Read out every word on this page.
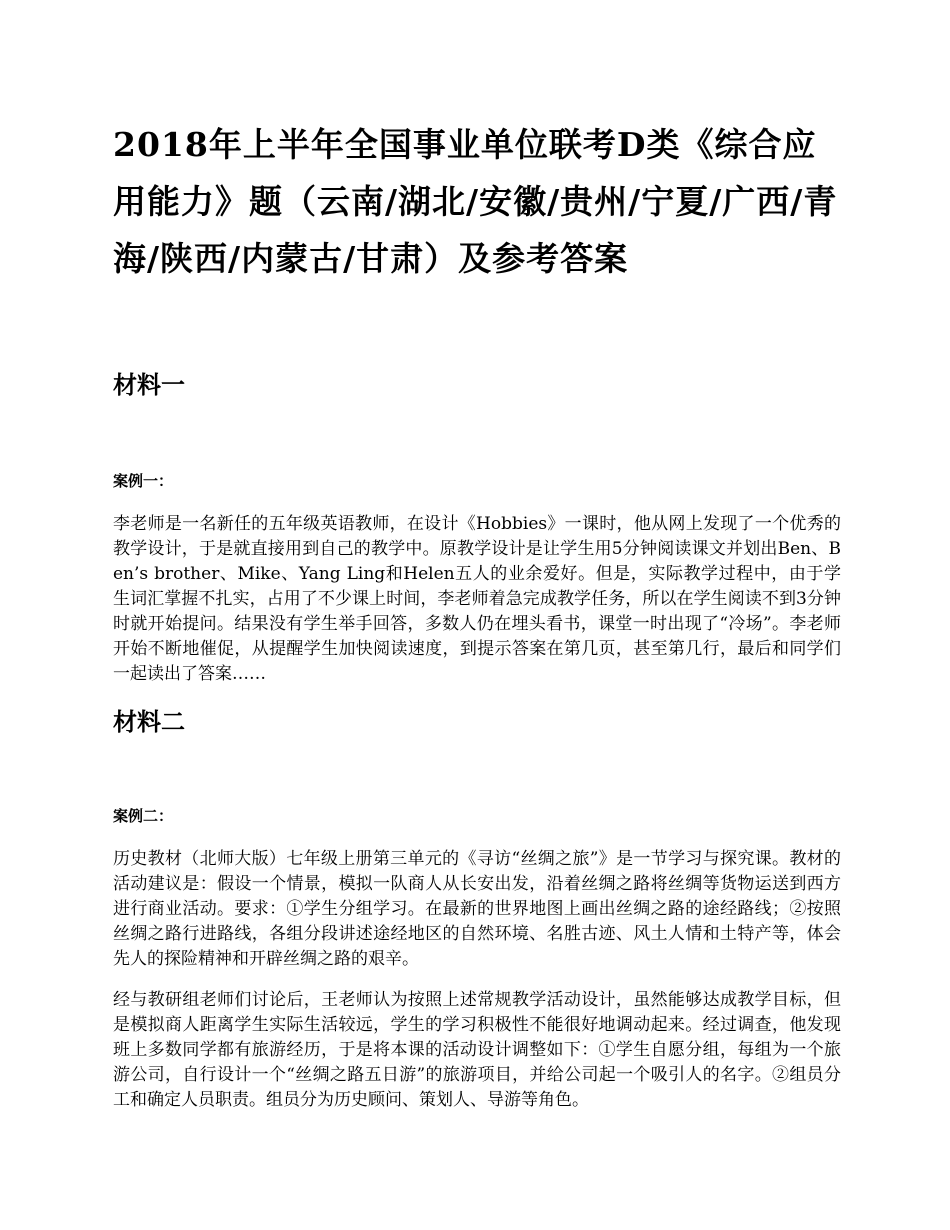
2018年上半年全国事业单位联考D类《综合应用能力》题（云南/湖北/安徽/贵州/宁夏/广西/青海/陕西/内蒙古/甘肃）及参考答案
材料一
案例一：

李老师是一名新任的五年级英语教师，在设计《Hobbies》一课时，他从网上发现了一个优秀的教学设计，于是就直接用到自己的教学中。原教学设计是让学生用5分钟阅读课文并划出Ben、Ben’s brother、Mike、Yang Ling和Helen五人的业余爱好。但是，实际教学过程中，由于学生词汇掌握不扎实，占用了不少课上时间，李老师着急完成教学任务，所以在学生阅读不到3分钟时就开始提问。结果没有学生举手回答，多数人仍在埋头看书，课堂一时出现了“冷场”。李老师开始不断地催促，从提醒学生加快阅读速度，到提示答案在第几页，甚至第几行，最后和同学们一起读出了答案……

材料二
案例二：

历史教材（北师大版）七年级上册第三单元的《寻访“丝绸之旅”》是一节学习与探究课。教材的活动建议是：假设一个情景，模拟一队商人从长安出发，沿着丝绸之路将丝绸等货物运送到西方进行商业活动。要求：①学生分组学习。在最新的世界地图上画出丝绸之路的途经路线；②按照丝绸之路行进路线，各组分段讲述途经地区的自然环境、名胜古迹、风土人情和土特产等，体会先人的探险精神和开辟丝绸之路的艰辛。

经与教研组老师们讨论后，王老师认为按照上述常规教学活动设计，虽然能够达成教学目标，但是模拟商人距离学生实际生活较远，学生的学习积极性不能很好地调动起来。经过调查，他发现班上多数同学都有旅游经历，于是将本课的活动设计调整如下：①学生自愿分组，每组为一个旅游公司，自行设计一个“丝绸之路五日游”的旅游项目，并给公司起一个吸引人的名字。②组员分工和确定人员职责。组员分为历史顾问、策划人、导游等角色。
